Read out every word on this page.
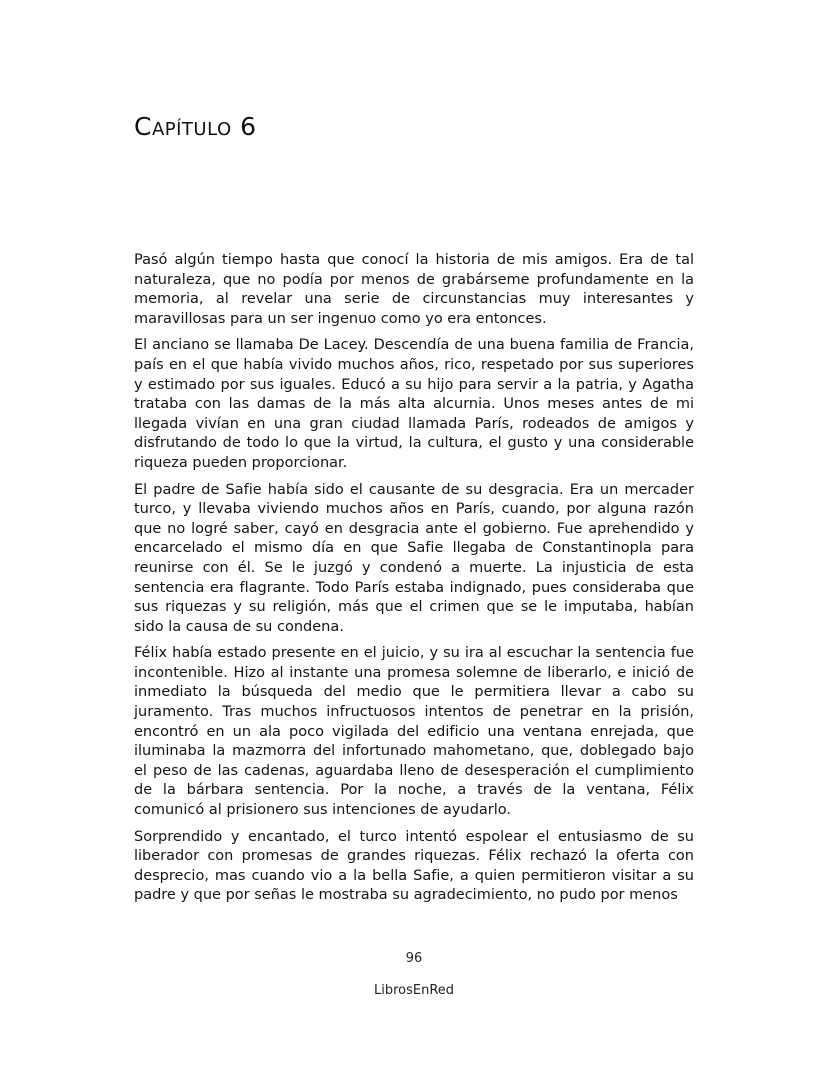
Capítulo 6

Pasó algún tiempo hasta que conocí la historia de mis amigos. Era de tal naturaleza, que no podía por menos de grabárseme profundamente en la memoria, al revelar una serie de circunstancias muy interesantes y maravillosas para un ser ingenuo como yo era entonces.

El anciano se llamaba De Lacey. Descendía de una buena familia de Francia, país en el que había vivido muchos años, rico, respetado por sus superiores y estimado por sus iguales. Educó a su hijo para servir a la patria, y Agatha trataba con las damas de la más alta alcurnia. Unos meses antes de mi llegada vivían en una gran ciudad llamada París, rodeados de amigos y disfrutando de todo lo que la virtud, la cultura, el gusto y una considerable riqueza pueden proporcionar.

El padre de Safie había sido el causante de su desgracia. Era un mercader turco, y llevaba viviendo muchos años en París, cuando, por alguna razón que no logré saber, cayó en desgracia ante el gobierno. Fue aprehendido y encarcelado el mismo día en que Safie llegaba de Constantinopla para reunirse con él. Se le juzgó y condenó a muerte. La injusticia de esta sentencia era flagrante. Todo París estaba indignado, pues consideraba que sus riquezas y su religión, más que el crimen que se le imputaba, habían sido la causa de su condena.

Félix había estado presente en el juicio, y su ira al escuchar la sentencia fue incontenible. Hizo al instante una promesa solemne de liberarlo, e inició de inmediato la búsqueda del medio que le permitiera llevar a cabo su juramento. Tras muchos infructuosos intentos de penetrar en la prisión, encontró en un ala poco vigilada del edificio una ventana enrejada, que iluminaba la mazmorra del infortunado mahometano, que, doblegado bajo el peso de las cadenas, aguardaba lleno de desesperación el cumplimiento de la bárbara sentencia. Por la noche, a través de la ventana, Félix comunicó al prisionero sus intenciones de ayudarlo.

Sorprendido y encantado, el turco intentó espolear el entusiasmo de su liberador con promesas de grandes riquezas. Félix rechazó la oferta con desprecio, mas cuando vio a la bella Safie, a quien permitieron visitar a su padre y que por señas le mostraba su agradecimiento, no pudo por menos

96
LibrosEnRed
